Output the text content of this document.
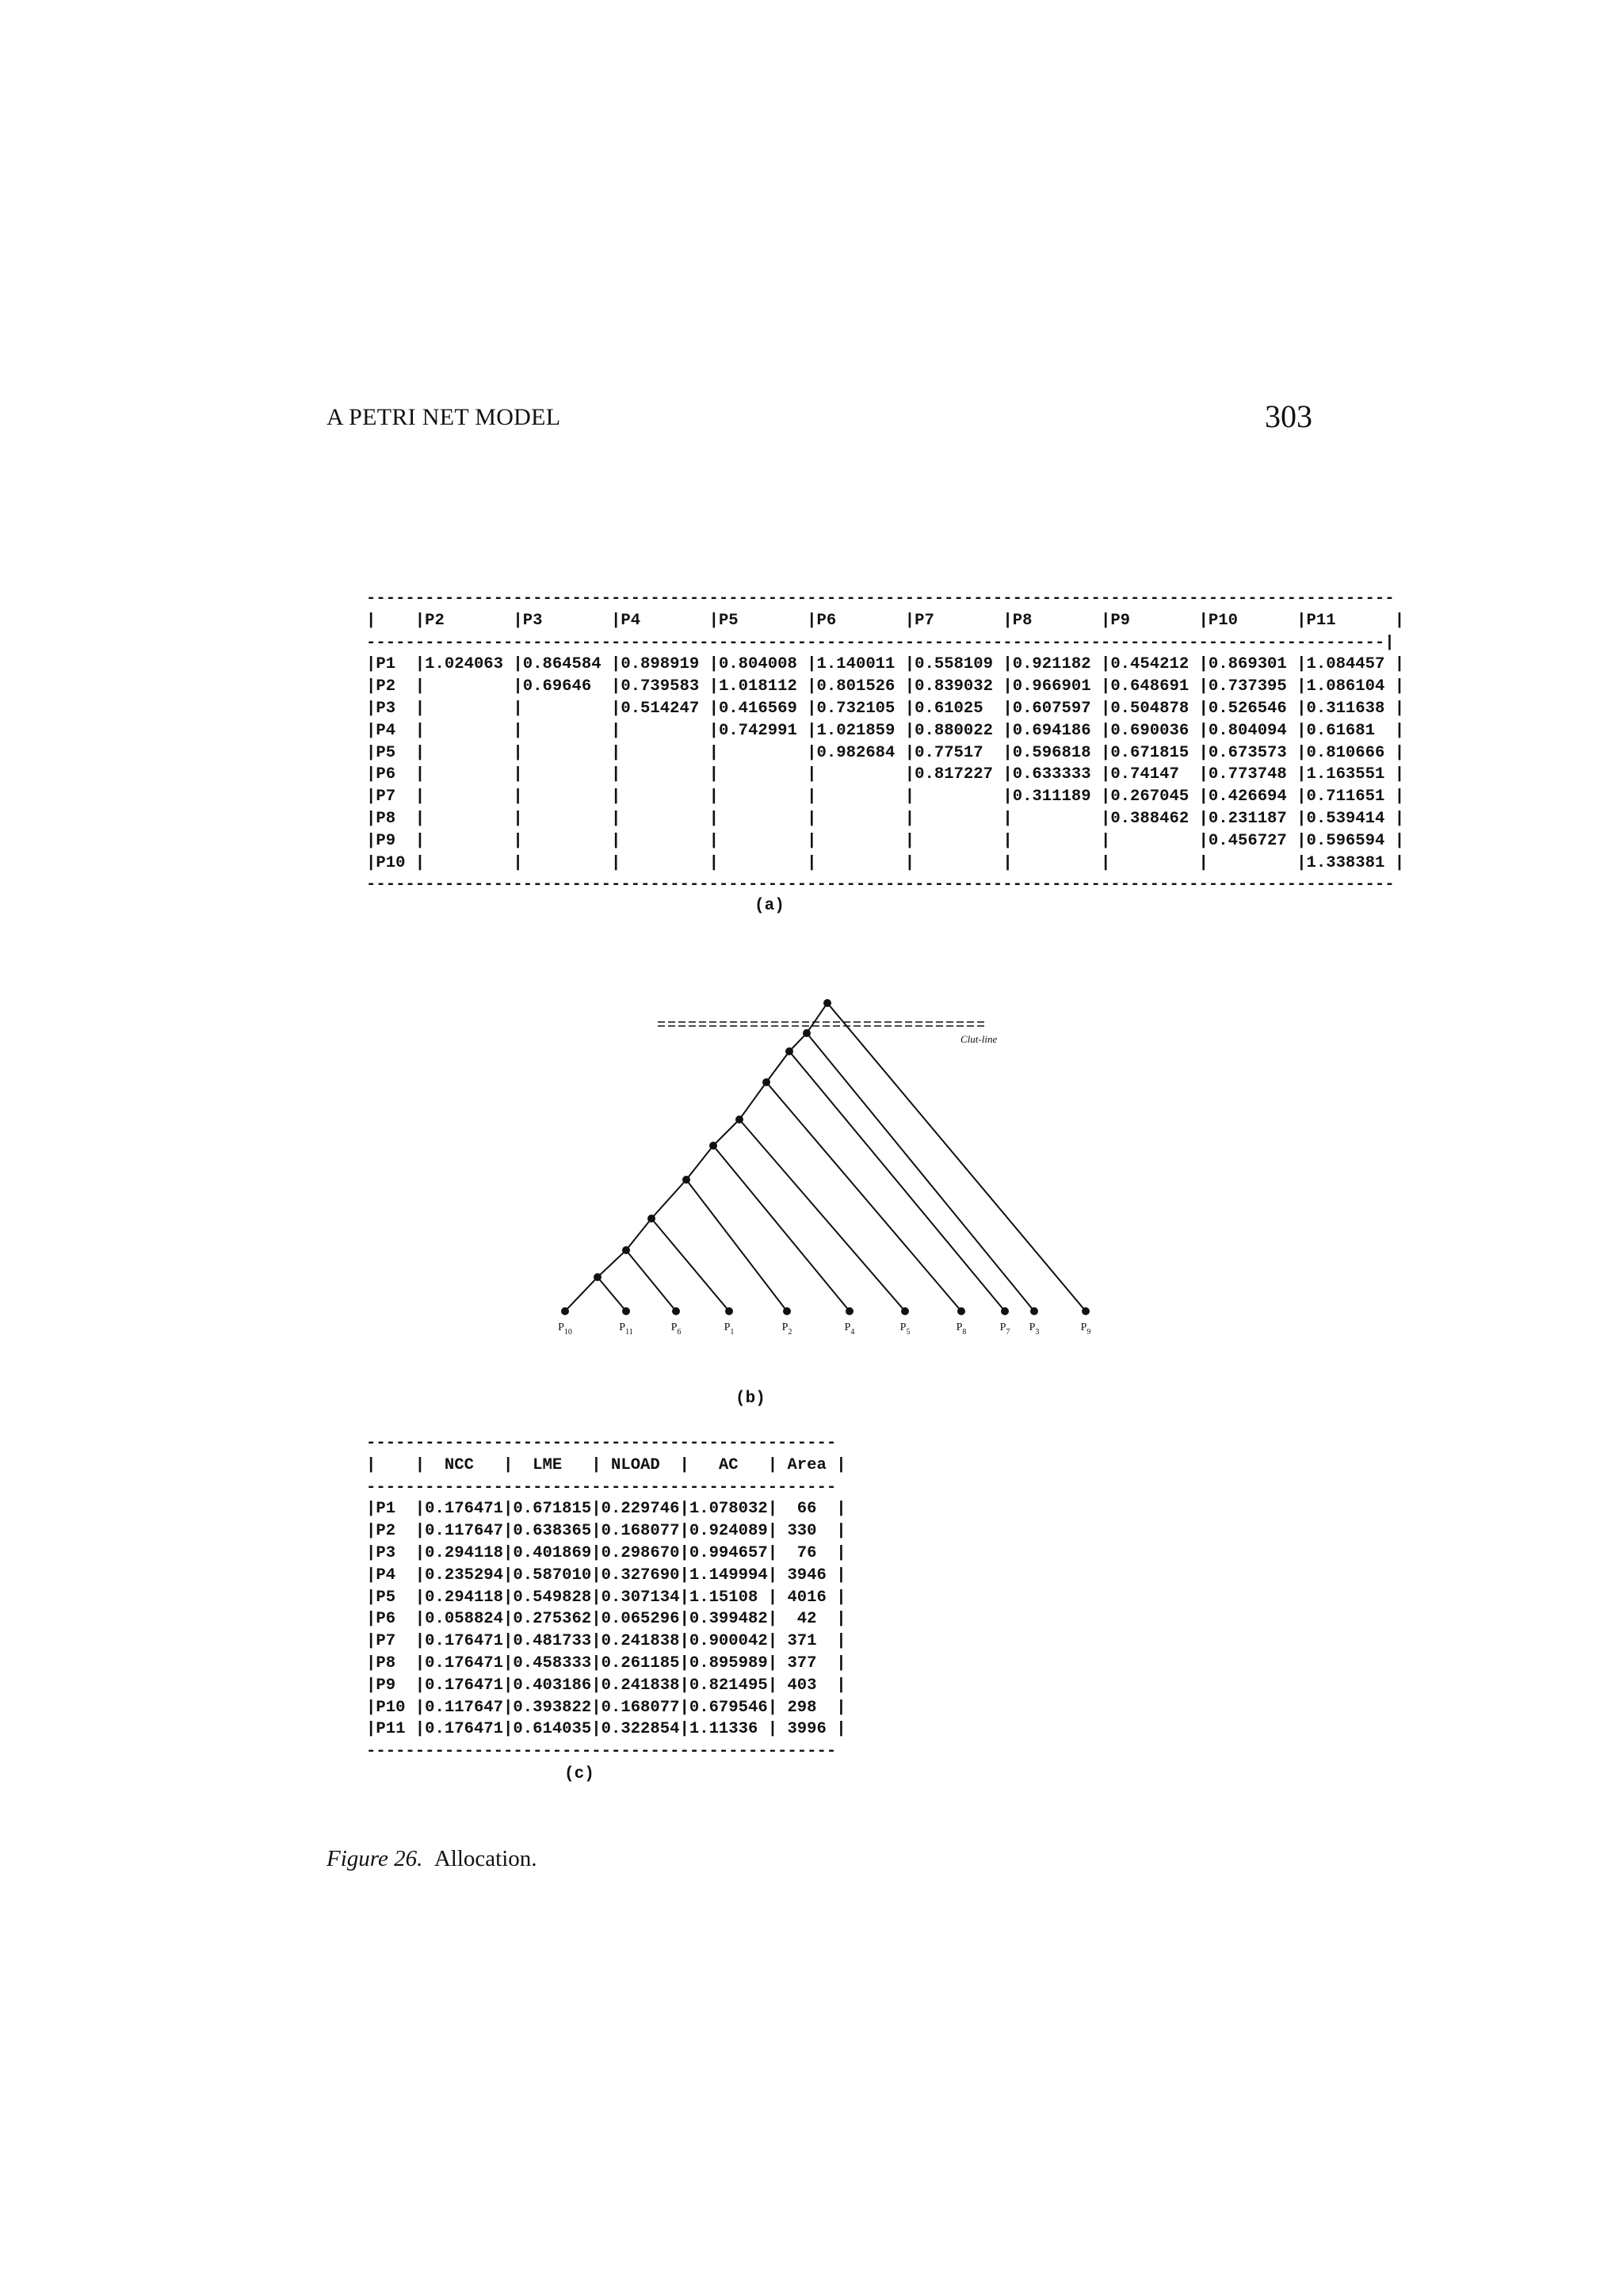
A PETRI NET MODEL	303
---------------------------------------------------------------------------------------------------------
|    |P2       |P3       |P4       |P5       |P6       |P7       |P8       |P9       |P10      |P11      |
--------------------------------------------------------------------------------------------------------|
|P1  |1.024063 |0.864584 |0.898919 |0.804008 |1.140011 |0.558109 |0.921182 |0.454212 |0.869301 |1.084457 |
|P2  |	|0.69646  |0.739583 |1.018112 |0.801526 |0.839032 |0.966901 |0.648691 |0.737395 |1.086104 |
|P3  |	|	|0.514247 |0.416569 |0.732105 |0.61025  |0.607597 |0.504878 |0.526546 |0.311638 |
|P4  |	|	|	|0.742991 |1.021859 |0.880022 |0.694186 |0.690036 |0.804094 |0.61681  |
|P5  |	|	|	|	|0.982684 |0.77517  |0.596818 |0.671815 |0.673573 |0.810666 |
|P6  |	|	|	|	|	|0.817227 |0.633333 |0.74147  |0.773748 |1.163551 |
|P7  |	|	|	|	|	|	|0.311189 |0.267045 |0.426694 |0.711651 |
|P8  |	|	|	|	|	|	|	|0.388462 |0.231187 |0.539414 |
|P9  |	|	|	|	|	|	|	|	|0.456727 |0.596594 |
|P10 |	|	|	|	|	|	|	|	|	|1.338381 |
---------------------------------------------------------------------------------------------------------
(a)
$P_{10}$	$P_{11}$	$P_6$	$P_1$	$P_2$	$P_4$	$P_5$	$P_8$	$P_7$ $P_3$	$P_9$
Clut-line
(b)
------------------------------------------------
|    |  NCC   |  LME   | NLOAD  |   AC   | Area |
------------------------------------------------
|P1  |0.176471|0.671815|0.229746|1.078032|  66  |
|P2  |0.117647|0.638365|0.168077|0.924089| 330  |
|P3  |0.294118|0.401869|0.298670|0.994657|  76  |
|P4  |0.235294|0.587010|0.327690|1.149994| 3946 |
|P5  |0.294118|0.549828|0.307134|1.15108 | 4016 |
|P6  |0.058824|0.275362|0.065296|0.399482|  42  |
|P7  |0.176471|0.481733|0.241838|0.900042| 371  |
|P8  |0.176471|0.458333|0.261185|0.895989| 377  |
|P9  |0.176471|0.403186|0.241838|0.821495| 403  |
|P10 |0.117647|0.393822|0.168077|0.679546| 298  |
|P11 |0.176471|0.614035|0.322854|1.11336 | 3996 |
------------------------------------------------
(c)
Figure 26. Allocation.
